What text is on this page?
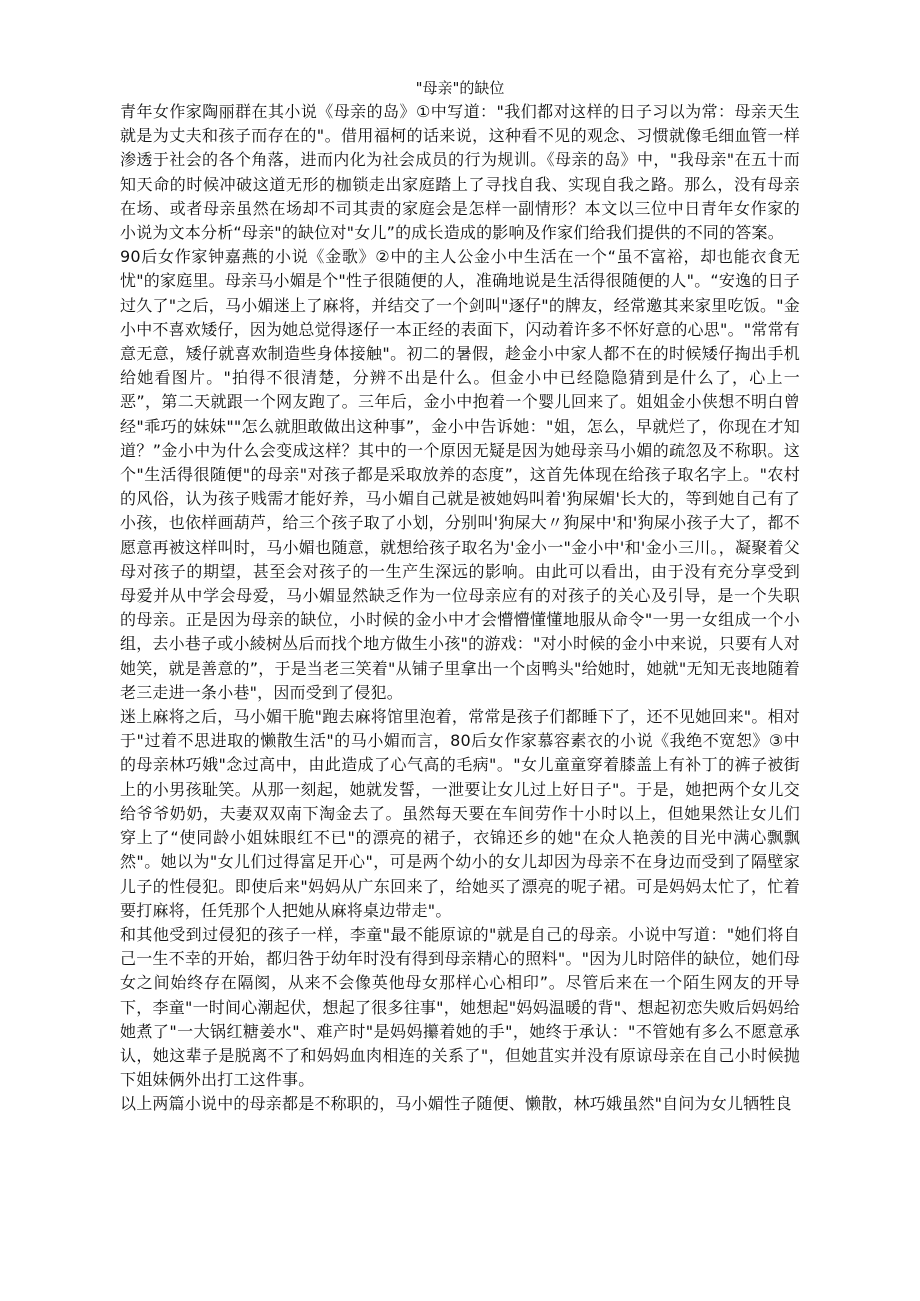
"母亲"的缺位

青年女作家陶丽群在其小说《母亲的岛》①中写道："我们都对这样的日子习以为常：母亲天生就是为丈夫和孩子而存在的"。借用福柯的话来说，这种看不见的观念、习惯就像毛细血管一样渗透于社会的各个角落，进而内化为社会成员的行为规训。《母亲的岛》中，"我母亲"在五十而知天命的时候冲破这道无形的枷锁走出家庭踏上了寻找自我、实现自我之路。那么，没有母亲在场、或者母亲虽然在场却不司其责的家庭会是怎样一副情形？本文以三位中日青年女作家的小说为文本分析“母亲"的缺位对"女儿”的成长造成的影响及作家们给我们提供的不同的答案。

90后女作家钟嘉燕的小说《金歌》②中的主人公金小中生活在一个“虽不富裕，却也能衣食无忧"的家庭里。母亲马小媚是个"性子很随便的人，准确地说是生活得很随便的人"。“安逸的日子过久了"之后，马小媚迷上了麻将，并结交了一个剑叫"逐仔"的牌友，经常邀其来家里吃饭。"金小中不喜欢矮仔，因为她总觉得逐仔一本正经的表面下，闪动着许多不怀好意的心思"。"常常有意无意，矮仔就喜欢制造些身体接触"。初二的暑假，趁金小中家人都不在的时候矮仔掏出手机给她看图片。"拍得不很清楚，分辨不出是什么。但金小中已经隐隐猜到是什么了，心上一恶”，第二天就跟一个网友跑了。三年后，金小中抱着一个婴儿回来了。姐姐金小侠想不明白曾经"乖巧的妹妹""怎么就胆敢做出这种事”，金小中告诉她："姐，怎么，早就烂了，你现在才知道？”金小中为什么会变成这样？其中的一个原因无疑是因为她母亲马小媚的疏忽及不称职。这个"生活得很随便"的母亲"对孩子都是采取放养的态度”，这首先体现在给孩子取名字上。"农村的风俗，认为孩子贱需才能好养，马小媚自己就是被她妈叫着'狗屎媚'长大的，等到她自己有了小孩，也依样画葫芦，给三个孩子取了小划，分别叫'狗屎大〃狗屎中'和'狗屎小孩子大了，都不愿意再被这样叫时，马小媚也随意，就想给孩子取名为'金小一"金小中'和'金小三川。，凝聚着父母对孩子的期望，甚至会对孩子的一生产生深远的影响。由此可以看出，由于没有充分享受到母爱并从中学会母爱，马小媚显然缺乏作为一位母亲应有的对孩子的关心及引导，是一个失职的母亲。正是因为母亲的缺位，小时候的金小中才会懵懵懂懂地服从命令"一男一女组成一个小组，去小巷子或小綾树丛后而找个地方做生小孩"的游戏："对小时候的金小中来说，只要有人对她笑，就是善意的”，于是当老三笑着"从铺子里拿出一个卤鸭头"给她时，她就"无知无丧地随着老三走进一条小巷"，因而受到了侵犯。

迷上麻将之后，马小媚干脆"跑去麻将馆里泡着，常常是孩子们都睡下了，还不见她回来"。相对于"过着不思进取的懒散生活"的马小媚而言，80后女作家慕容素衣的小说《我绝不宽恕》③中的母亲林巧娥"念过高中，由此造成了心气高的毛病"。"女儿童童穿着膝盖上有补丁的裤子被街上的小男孩耻笑。从那一刻起，她就发誓，一泄要让女儿过上好日子"。于是，她把两个女儿交给爷爷奶奶，夫妻双双南下淘金去了。虽然每天要在车间劳作十小时以上，但她果然让女儿们穿上了“使同龄小姐妹眼红不已"的漂亮的裙子，衣锦还乡的她"在众人艳羡的目光中满心飘飘然"。她以为"女儿们过得富足开心"，可是两个幼小的女儿却因为母亲不在身边而受到了隔壁家儿子的性侵犯。即使后来"妈妈从广东回来了，给她买了漂亮的呢子裙。可是妈妈太忙了，忙着要打麻将，任凭那个人把她从麻将桌边带走"。

和其他受到过侵犯的孩子一样，李童"最不能原谅的"就是自己的母亲。小说中写道："她们将自己一生不幸的开始，都归咎于幼年时没有得到母亲精心的照料"。"因为儿时陪伴的缺位，她们母女之间始终存在隔阂，从来不会像英他母女那样心心相印”。尽管后来在一个陌生网友的开导下，李童"一时间心潮起伏，想起了很多往事"，她想起"妈妈温暖的背"、想起初恋失败后妈妈给她煮了"一大锅红糖姜水"、难产时"是妈妈攥着她的手"，她终于承认："不管她有多么不愿意承认，她这辈子是脱离不了和妈妈血肉相连的关系了"，但她苴实并没有原谅母亲在自己小时候抛下姐妹俩外出打工这件事。

以上两篇小说中的母亲都是不称职的，马小媚性子随便、懒散，林巧娥虽然"自问为女儿牺牲良
